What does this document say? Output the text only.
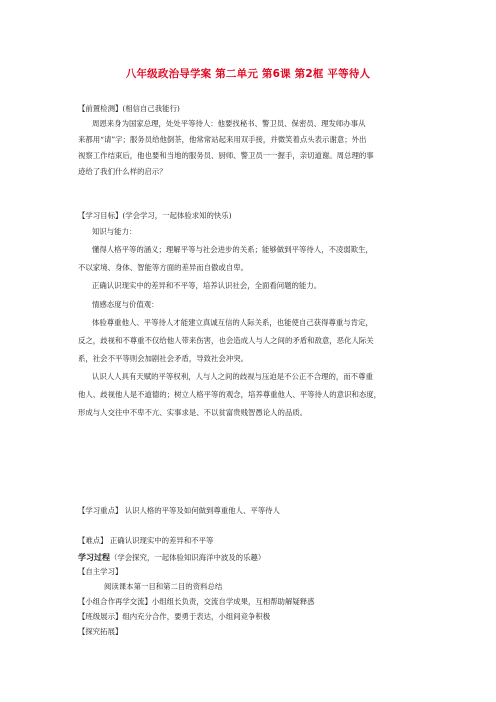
八年级政治导学案 第二单元 第6课 第2框 平等待人
【前置检测】(相信自己我能行)
周恩来身为国家总理，处处平等待人：他要找秘书、警卫员、保密员、理发师办事从
来都用“请”字；服务员给他倒茶，他常常站起来用双手接，并微笑着点头表示谢意；外出
视察工作结束后，他也要和当地的服务员、厨师、警卫员一一握手，亲切道谢。周总理的事
迹给了我们什么样的启示？
【学习目标】(学会学习，一起体验求知的快乐)
知识与能力：
懂得人格平等的涵义；理解平等与社会进步的关系；能够做到平等待人，不凌弱欺生，
不以家境、身体、智能等方面的差异而自傲或自卑。
正确认识现实中的差异和不平等，培养认识社会，全面看问题的能力。
情感态度与价值观：
体验尊重他人、平等待人才能建立真诚互信的人际关系，也能使自己获得尊重与肯定，
反之，歧视和不尊重不仅给他人带来伤害，也会造成人与人之间的矛盾和敌意，恶化人际关
系，社会不平等则会加剧社会矛盾，导致社会冲突。
认识人人具有天赋的平等权利，人与人之间的歧视与压迫是不公正不合理的，而不尊重
他人、歧视他人是不道德的；树立人格平等的观念，培养尊重他人、平等待人的意识和态度，
形成与人交往中不卑不亢、实事求是、不以贫富贵贱智愚论人的品质。
【学习重点】 认识人格的平等及如何做到尊重他人、平等待人
【难点】 正确认识现实中的差异和不平等
学习过程（学会探究，一起体验知识海洋中波及的乐趣）
【自主学习】
阅读课本第一目和第二目的资料总结
【小组合作再学交流】小组组长负责，交流自学成果，互相帮助解疑释惑
【班级展示】组内充分合作，要勇于表达，小组间竞争积极
【探究拓展】
